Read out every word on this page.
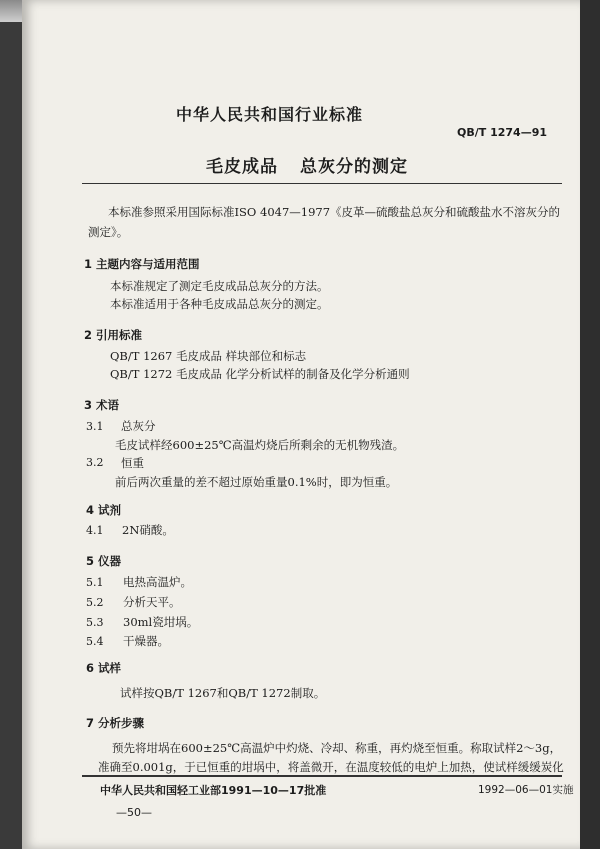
中华人民共和国行业标准
QB/T 1274—91
毛皮成品 总灰分的测定
本标准参照采用国际标准ISO 4047—1977《皮革—硫酸盐总灰分和硫酸盐水不溶灰分的
测定》。
1 主题内容与适用范围
本标准规定了测定毛皮成品总灰分的方法。
本标准适用于各种毛皮成品总灰分的测定。
2 引用标准
QB/T 1267 毛皮成品 样块部位和标志
QB/T 1272 毛皮成品 化学分析试样的制备及化学分析通则
3 术语
3.1 总灰分
毛皮试样经600±25℃高温灼烧后所剩余的无机物残渣。
3.2 恒重
前后两次重量的差不超过原始重量0.1%时，即为恒重。
4 试剂
4.1 2N硝酸。
5 仪器
5.1 电热高温炉。
5.2 分析天平。
5.3 30ml瓷坩埚。
5.4 干燥器。
6 试样
试样按QB/T 1267和QB/T 1272制取。
7 分析步骤
预先将坩埚在600±25℃高温炉中灼烧、冷却、称重，再灼烧至恒重。称取试样2～3g，
准确至0.001g，于已恒重的坩埚中，将盖微开，在温度较低的电炉上加热，使试样缓缓炭化
中华人民共和国轻工业部1991—10—17批准	1992—06—01实施
—50—
